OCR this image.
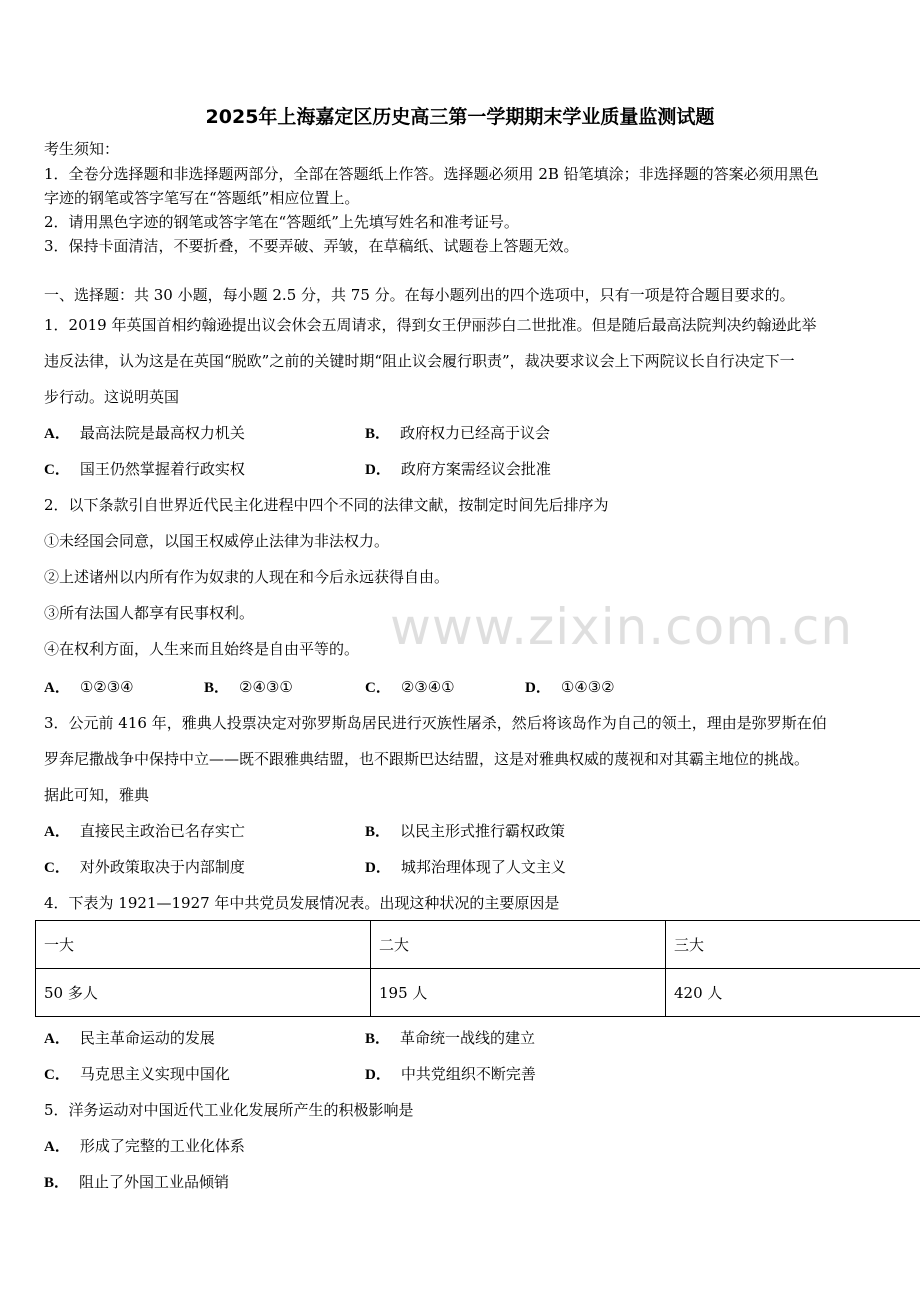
2025年上海嘉定区历史高三第一学期期末学业质量监测试题
考生须知：
1．全卷分选择题和非选择题两部分，全部在答题纸上作答。选择题必须用 2B 铅笔填涂；非选择题的答案必须用黑色
字迹的钢笔或答字笔写在“答题纸”相应位置上。
2．请用黑色字迹的钢笔或答字笔在“答题纸”上先填写姓名和准考证号。
3．保持卡面清洁，不要折叠，不要弄破、弄皱，在草稿纸、试题卷上答题无效。
一、选择题：共 30 小题，每小题 2.5 分，共 75 分。在每小题列出的四个选项中，只有一项是符合题目要求的。
1．2019 年英国首相约翰逊提出议会休会五周请求，得到女王伊丽莎白二世批准。但是随后最高法院判决约翰逊此举
违反法律，认为这是在英国“脱欧”之前的关键时期“阻止议会履行职责”，裁决要求议会上下两院议长自行决定下一
步行动。这说明英国
A． 最高法院是最高权力机关	B． 政府权力已经高于议会
C． 国王仍然掌握着行政实权	D． 政府方案需经议会批准
2．以下条款引自世界近代民主化进程中四个不同的法律文献，按制定时间先后排序为
①未经国会同意，以国王权威停止法律为非法权力。
②上述诸州以内所有作为奴隶的人现在和今后永远获得自由。
③所有法国人都享有民事权利。
④在权利方面，人生来而且始终是自由平等的。
A． ①②③④	B． ②④③①	C． ②③④①	D． ①④③②
3．公元前 416 年，雅典人投票决定对弥罗斯岛居民进行灭族性屠杀，然后将该岛作为自己的领土，理由是弥罗斯在伯
罗奔尼撒战争中保持中立——既不跟雅典结盟，也不跟斯巴达结盟，这是对雅典权威的蔑视和对其霸主地位的挑战。
据此可知，雅典
A． 直接民主政治已名存实亡	B． 以民主形式推行霸权政策
C． 对外政策取决于内部制度	D． 城邦治理体现了人文主义
4．下表为 1921—1927 年中共党员发展情况表。出现这种状况的主要原因是
一大	二大	三大
50 多人	195 人	420 人
A． 民主革命运动的发展	B． 革命统一战线的建立
C． 马克思主义实现中国化	D． 中共党组织不断完善
5．洋务运动对中国近代工业化发展所产生的积极影响是
A． 形成了完整的工业化体系
B． 阻止了外国工业品倾销
www.zixin.com.cn
